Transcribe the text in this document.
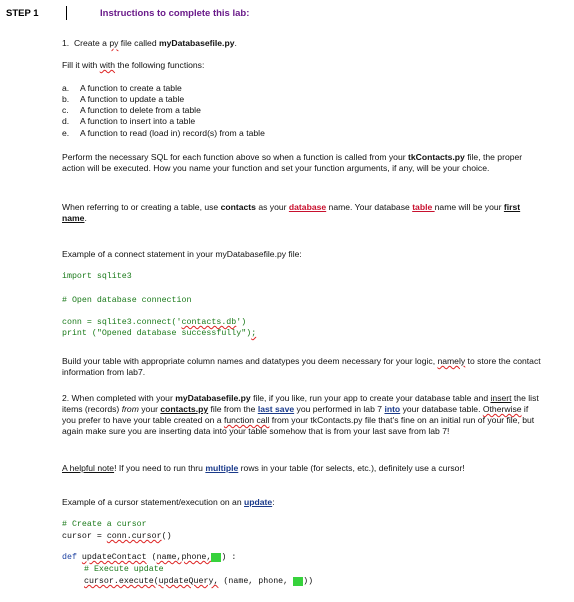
STEP 1	Instructions to complete this lab:
1. Create a py file called myDatabasefile.py.
Fill it with with the following functions:
a. A function to create a table
b. A function to update a table
c. A function to delete from a table
d. A function to insert into a table
e. A function to read (load in) record(s) from a table
Perform the necessary SQL for each function above so when a function is called from your tkContacts.py file, the proper action will be executed. How you name your function and set your function arguments, if any, will be your choice.
When referring to or creating a table, use contacts as your database name. Your database table name will be your first name.
Example of a connect statement in your myDatabasefile.py file:
import sqlite3
# Open database connection
conn = sqlite3.connect('contacts.db')
print ("Opened database successfully");
Build your table with appropriate column names and datatypes you deem necessary for your logic, namely to store the contact information from lab7.
2. When completed with your myDatabasefile.py file, if you like, run your app to create your database table and insert the list items (records) from your contacts.py file from the last save you performed in lab 7 into your database table. Otherwise if you prefer to have your table created on a function call from your tkContacts.py file that's fine on an initial run of your file, but again make sure you are inserting data into your table somehow that is from your last save from lab 7!
A helpful note! If you need to run thru multiple rows in your table (for selects, etc.), definitely use a cursor!
Example of a cursor statement/execution on an update:
# Create a cursor
cursor = conn.cursor()
def updateContact (name,phone,id) :
# Execute update
cursor.execute(updateQuery, (name, phone, id))
